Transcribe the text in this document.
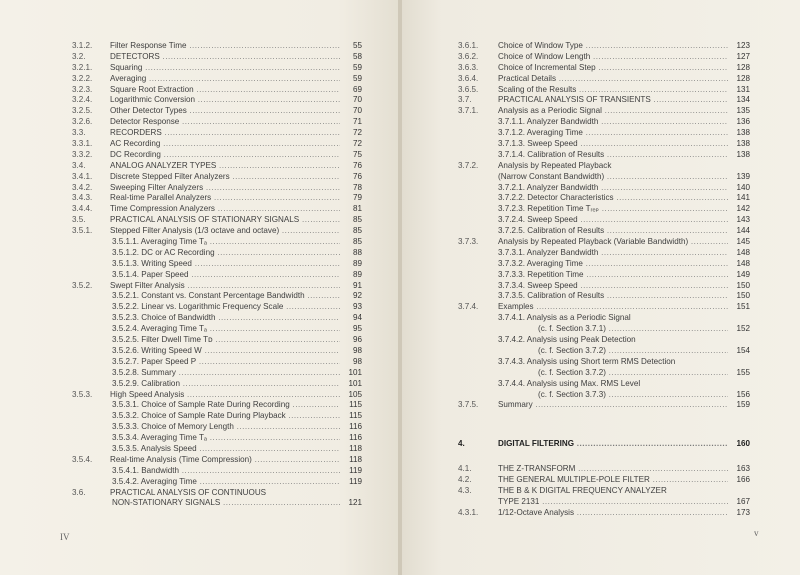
3.1.2. Filter Response Time .....	55
3.2.	DETECTORS .....	58
3.2.1. Squaring .....	59
3.2.2. Averaging .....	59
3.2.3. Square Root Extraction .....	69
3.2.4. Logarithmic Conversion .....	70
3.2.5. Other Detector Types .....	70
3.2.6. Detector Response .....	71
3.3.	RECORDERS .....	72
3.3.1. AC Recording .....	72
3.3.2. DC Recording .....	75
3.4.	ANALOG ANALYZER TYPES .....	76
3.4.1. Discrete Stepped Filter Analyzers .....	76
3.4.2. Sweeping Filter Analyzers .....	78
3.4.3. Real-time Parallel Analyzers .....	79
3.4.4. Time Compression Analyzers .....	81
3.5.	PRACTICAL ANALYSIS OF STATIONARY SIGNALS .....	85
3.5.1. Stepped Filter Analysis (1/3 octave and octave) .....	85
3.5.1.1. Averaging Time Tₐ .....	85
3.5.1.2. DC or AC Recording .....	88
3.5.1.3. Writing Speed .....	89
3.5.1.4. Paper Speed .....	89
3.5.2. Swept Filter Analysis .....	91
3.5.2.1. Constant vs. Constant Percentage Bandwidth .....	92
3.5.2.2. Linear vs. Logarithmic Frequency Scale .....	93
3.5.2.3. Choice of Bandwidth .....	94
3.5.2.4. Averaging Time Tₐ .....	95
3.5.2.5. Filter Dwell Time Tᴅ .....	96
3.5.2.6. Writing Speed W .....	98
3.5.2.7. Paper Speed P .....	98
3.5.2.8. Summary .....	101
3.5.2.9. Calibration .....	101
3.5.3. High Speed Analysis .....	105
3.5.3.1. Choice of Sample Rate During Recording .....	115
3.5.3.2. Choice of Sample Rate During Playback .....	115
3.5.3.3. Choice of Memory Length .....	116
3.5.3.4. Averaging Time Tₐ .....	116
3.5.3.5. Analysis Speed .....	118
3.5.4. Real-time Analysis (Time Compression) .....	118
3.5.4.1. Bandwidth .....	119
3.5.4.2. Averaging Time .....	119
3.6.	PRACTICAL ANALYSIS OF CONTINUOUS
NON-STATIONARY SIGNALS .....	121
IV
3.6.1. Choice of Window Type .....	123
3.6.2. Choice of Window Length .....	127
3.6.3. Choice of Incremental Step .....	128
3.6.4. Practical Details .....	128
3.6.5. Scaling of the Results .....	131
3.7.	PRACTICAL ANALYSIS OF TRANSIENTS .....	134
3.7.1. Analysis as a Periodic Signal .....	135
3.7.1.1. Analyzer Bandwidth .....	136
3.7.1.2. Averaging Time .....	138
3.7.1.3. Sweep Speed .....	138
3.7.1.4. Calibration of Results .....	138
3.7.2. Analysis by Repeated Playback
(Narrow Constant Bandwidth) .....	139
3.7.2.1. Analyzer Bandwidth .....	140
3.7.2.2. Detector Characteristics .....	141
3.7.2.3. Repetition Time Tᵣₑₚ .....	142
3.7.2.4. Sweep Speed .....	143
3.7.2.5. Calibration of Results .....	144
3.7.3. Analysis by Repeated Playback (Variable Bandwidth) .....	145
3.7.3.1. Analyzer Bandwidth .....	148
3.7.3.2. Averaging Time .....	148
3.7.3.3. Repetition Time .....	149
3.7.3.4. Sweep Speed .....	150
3.7.3.5. Calibration of Results .....	150
3.7.4. Examples .....	151
3.7.4.1. Analysis as a Periodic Signal
(c. f. Section 3.7.1) .....	152
3.7.4.2. Analysis using Peak Detection
(c. f. Section 3.7.2) .....	154
3.7.4.3. Analysis using Short term RMS Detection
(c. f. Section 3.7.2) .....	155
3.7.4.4. Analysis using Max. RMS Level
(c. f. Section 3.7.3) .....	156
3.7.5. Summary .....	159
4.	DIGITAL FILTERING .....	160
4.1.	THE Z-TRANSFORM .....	163
4.2.	THE GENERAL MULTIPLE-POLE FILTER .....	166
4.3.	THE B & K DIGITAL FREQUENCY ANALYZER
TYPE 2131 .....	167
4.3.1. 1/12-Octave Analysis .....	173
v
